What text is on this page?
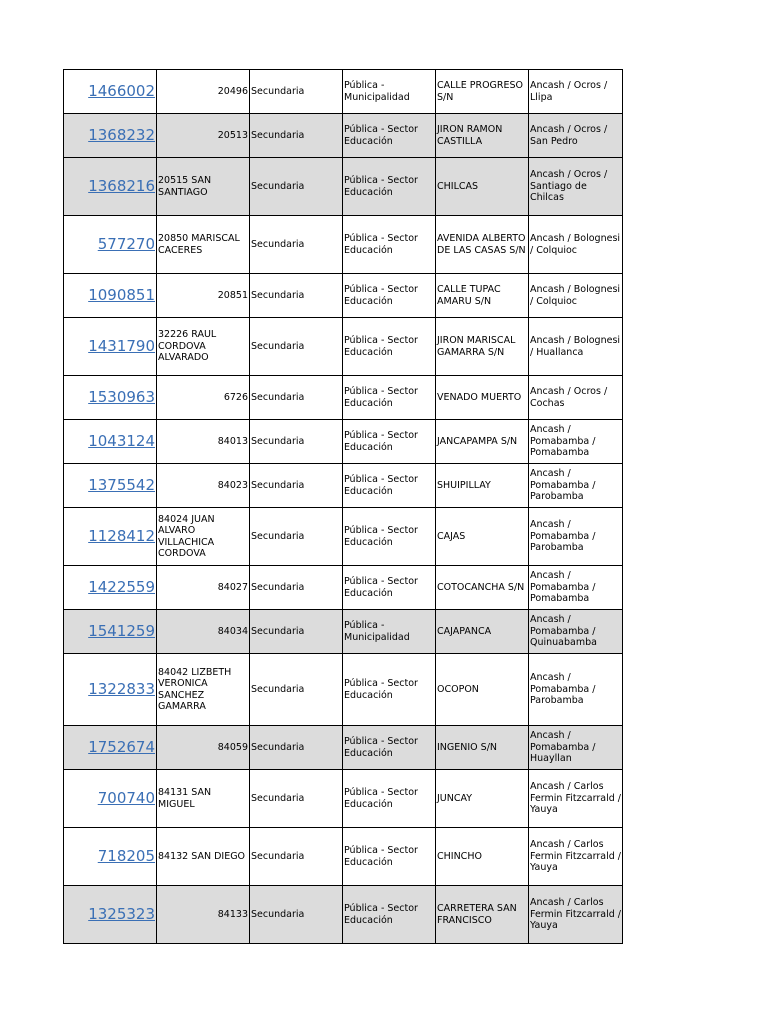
1466002	20496	Secundaria	Pública - Municipalidad	CALLE PROGRESO S/N	Ancash / Ocros / Llipa
1368232	20513	Secundaria	Pública - Sector Educación	JIRON RAMON CASTILLA	Ancash / Ocros / San Pedro
1368216	20515 SAN SANTIAGO	Secundaria	Pública - Sector Educación	CHILCAS	Ancash / Ocros / Santiago de Chilcas
577270	20850 MARISCAL CACERES	Secundaria	Pública - Sector Educación	AVENIDA ALBERTO DE LAS CASAS S/N	Ancash / Bolognesi / Colquioc
1090851	20851	Secundaria	Pública - Sector Educación	CALLE TUPAC AMARU S/N	Ancash / Bolognesi / Colquioc
1431790	32226 RAUL CORDOVA ALVARADO	Secundaria	Pública - Sector Educación	JIRON MARISCAL GAMARRA S/N	Ancash / Bolognesi / Huallanca
1530963	6726	Secundaria	Pública - Sector Educación	VENADO MUERTO	Ancash / Ocros / Cochas
1043124	84013	Secundaria	Pública - Sector Educación	JANCAPAMPA S/N	Ancash / Pomabamba / Pomabamba
1375542	84023	Secundaria	Pública - Sector Educación	SHUIPILLAY	Ancash / Pomabamba / Parobamba
1128412	84024 JUAN ALVARO VILLACHICA CORDOVA	Secundaria	Pública - Sector Educación	CAJAS	Ancash / Pomabamba / Parobamba
1422559	84027	Secundaria	Pública - Sector Educación	COTOCANCHA S/N	Ancash / Pomabamba / Pomabamba
1541259	84034	Secundaria	Pública - Municipalidad	CAJAPANCA	Ancash / Pomabamba / Quinuabamba
1322833	84042 LIZBETH VERONICA SANCHEZ GAMARRA	Secundaria	Pública - Sector Educación	OCOPON	Ancash / Pomabamba / Parobamba
1752674	84059	Secundaria	Pública - Sector Educación	INGENIO S/N	Ancash / Pomabamba / Huayllan
700740	84131 SAN MIGUEL	Secundaria	Pública - Sector Educación	JUNCAY	Ancash / Carlos Fermin Fitzcarrald / Yauya
718205	84132 SAN DIEGO	Secundaria	Pública - Sector Educación	CHINCHO	Ancash / Carlos Fermin Fitzcarrald / Yauya
1325323	84133	Secundaria	Pública - Sector Educación	CARRETERA SAN FRANCISCO	Ancash / Carlos Fermin Fitzcarrald / Yauya
